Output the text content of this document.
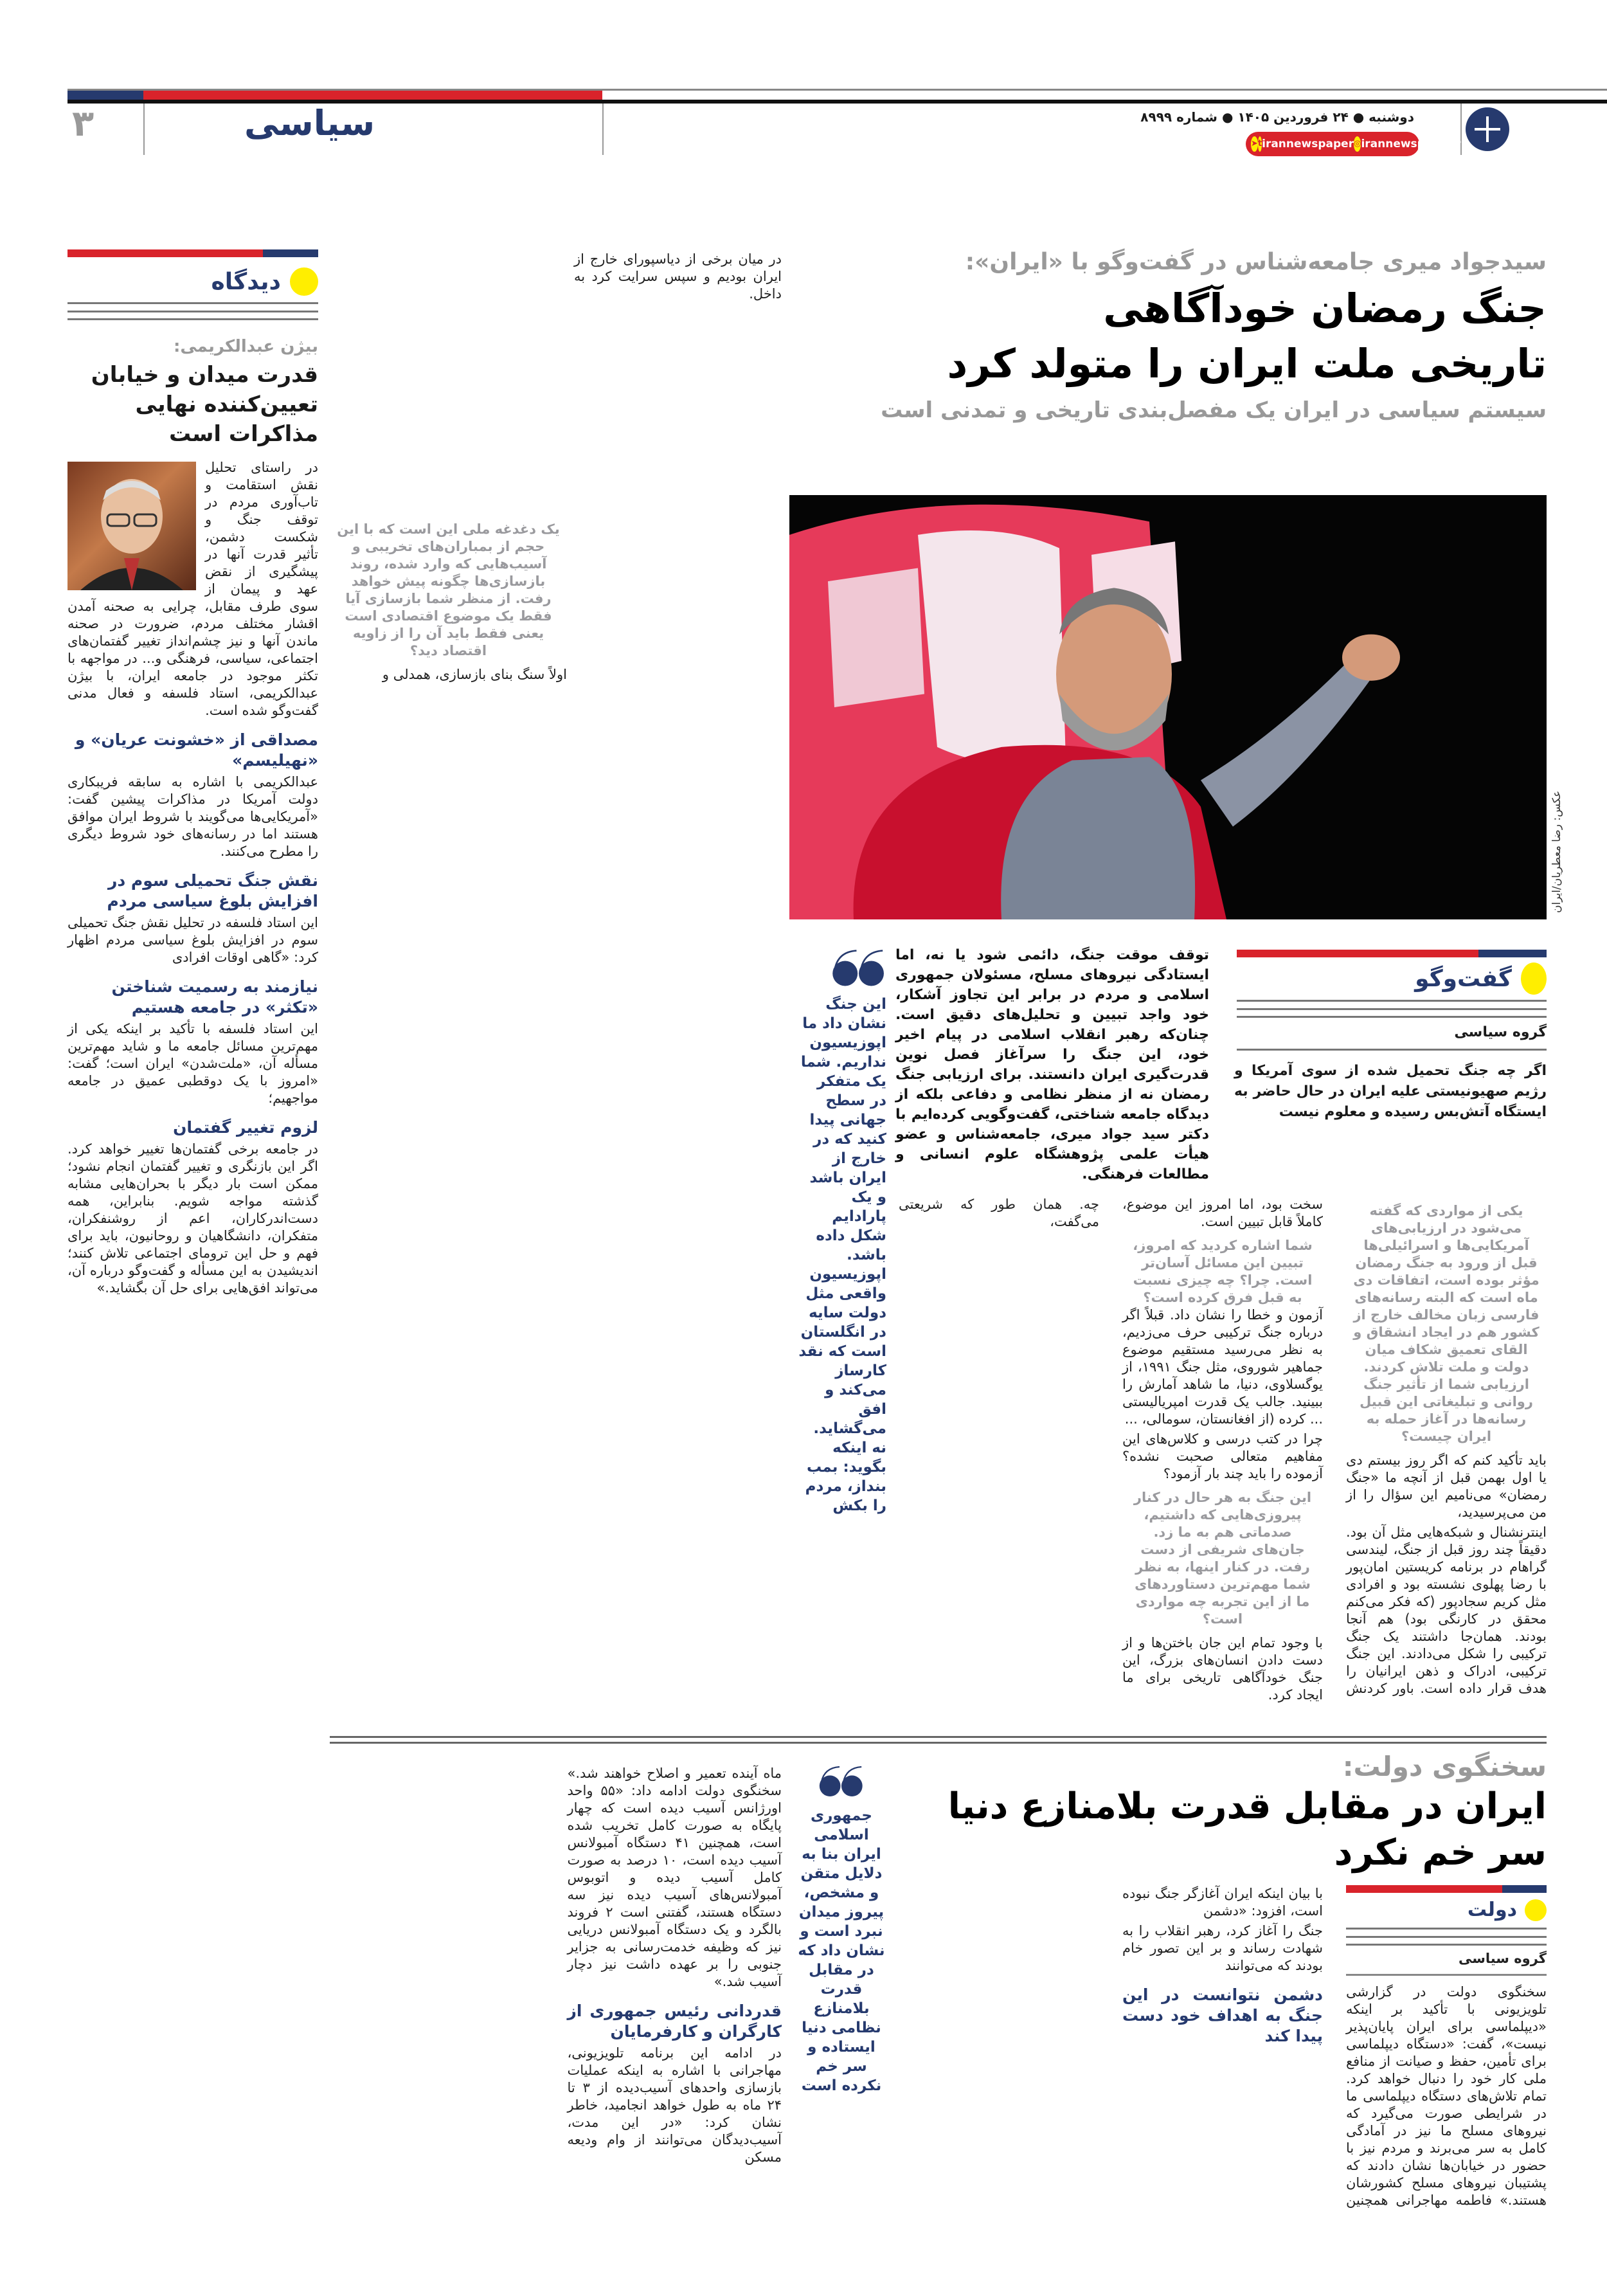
۳	سیاسی	دوشنبه ● ۲۴ فروردین ۱۴۰۵ ● شماره ۸۹۹۹
➤ t irannewspaper ◎ irannewspapper
دیدگاه
بیژن عبدالکریمی:
قدرت میدان و خیابان تعیین‌کننده نهایی مذاکرات است

در راستای تحلیل نقش استقامت و تاب‌آوری مردم در توقف جنگ و شکست دشمن، تأثیر قدرت آنها در پیشگیری از نقض عهد و پیمان از سوی طرف مقابل، چرایی به صحنه آمدن اقشار مختلف مردم، ضرورت در صحنه ماندن آنها و نیز چشم‌انداز تغییر گفتمان‌های اجتماعی، سیاسی، فرهنگی و... در مواجهه با تکثر موجود در جامعه ایران، با بیژن عبدالکریمی، استاد فلسفه و فعال مدنی گفت‌وگو شده است.

مصداقی از «خشونت عریان» و «نهیلیسم»

عبدالکریمی با اشاره به سابقه فریبکاری دولت آمریکا در مذاکرات پیشین گفت: «آمریکایی‌ها می‌گویند با شروط ایران موافق هستند اما در رسانه‌های خود شروط دیگری را مطرح می‌کنند.

نقش جنگ تحمیلی سوم در افزایش بلوغ سیاسی مردم

این استاد فلسفه در تحلیل نقش جنگ تحمیلی سوم در افزایش بلوغ سیاسی مردم اظهار کرد: «گاهی اوقات افرادی

نیازمند به رسمیت شناختن «تکثر» در جامعه هستیم

این استاد فلسفه با تأکید بر اینکه یکی از مهم‌ترین مسائل جامعه ما و شاید مهم‌ترین مسأله آن، «ملت‌شدن» ایران است؛ گفت: «امروز با یک دوقطبی عمیق در جامعه مواجهیم؛

لزوم تغییر گفتمان

در جامعه برخی گفتمان‌ها تغییر خواهد کرد. اگر این بازنگری و تغییر گفتمان انجام نشود؛ ممکن است بار دیگر با بحران‌هایی مشابه گذشته مواجه شویم. بنابراین، همه دست‌اندرکاران، اعم از روشنفکران، متفکران، دانشگاهیان و روحانیون، باید برای فهم و حل این ترومای اجتماعی تلاش کنند؛ اندیشیدن به این مسأله و گفت‌وگو درباره آن، می‌تواند افق‌هایی برای حل آن بگشاید.»

سیدجواد میری جامعه‌شناس در گفت‌وگو با «ایران»:
جنگ رمضان خودآگاهی
تاریخی ملت ایران را متولد کرد
سیستم سیاسی در ایران یک مفصل‌بندی تاریخی و تمدنی است
عکس: رضا معطریان/ایران
این جنگ نشان داد ما اپوزیسیون نداریم. شما یک متفکر در سطح جهانی پیدا کنید که در خارج از ایران باشد و یک پارادایم شکل داده باشد. اپوزیسیون واقعی مثل دولت سایه در انگلستان است که نقد کارساز می‌کند و افق می‌گشاید. نه اینکه بگوید: بمب بنداز، مردم را بکش
توقف موقت جنگ، دائمی شود یا نه، اما ایستادگی نیروهای مسلح، مسئولان جمهوری اسلامی و مردم در برابر این تجاوز آشکار، خود واجد تبیین و تحلیل‌های دقیق است. چنان‌که رهبر انقلاب اسلامی در پیام اخیر خود، این جنگ را سرآغاز فصل نوین قدرت‌گیری ایران دانستند. برای ارزیابی جنگ رمضان نه از منظر نظامی و دفاعی بلکه از دیدگاه جامعه شناختی، گفت‌وگویی کرده‌ایم با دکتر سید جواد میری، جامعه‌شناس و عضو هیأت علمی پژوهشگاه علوم انسانی و مطالعات فرهنگی.
گفت‌وگو
گروه سیاسی
اگر چه جنگ تحمیل شده از سوی آمریکا و رژیم صهیونیستی علیه ایران در حال حاضر به ایستگاه آتش‌بس رسیده و معلوم نیست
یکی از مواردی که گفته می‌شود در ارزیابی‌های آمریکایی‌ها و اسرائیلی‌ها قبل از ورود به جنگ رمضان مؤثر بوده است، اتفاقات دی ماه است که البته رسانه‌های فارسی زبان مخالف خارج از کشور هم در ایجاد انشقاق و القای تعمیق شکاف میان دولت و ملت تلاش کردند. ارزیابی شما از تأثیر جنگ روانی و تبلیغاتی این قبیل رسانه‌ها در آغاز حمله به ایران چیست؟

باید تأکید کنم که اگر روز بیستم دی یا اول بهمن قبل از آنچه ما «جنگ رمضان» می‌نامیم این سؤال را از من می‌پرسیدید،

اینترنشنال و شبکه‌هایی مثل آن بود. دقیقاً چند روز قبل از جنگ، لیندسی گراهام در برنامه کریستین امان‌پور با رضا پهلوی نشسته بود و افرادی مثل کریم سجادپور (که فکر می‌کنم محقق در کارنگی بود) هم آنجا بودند. همان‌جا داشتند یک جنگ ترکیبی را شکل می‌دادند. این جنگ ترکیبی، ادراک و ذهن ایرانیان را هدف قرار داده است. باور کردنش سخت بود، اما امروز این موضوع، کاملاً قابل تبیین است.

شما اشاره کردید که امروز، تبیین این مسائل آسان‌تر است. چرا؟ چه چیزی نسبت به قبل فرق کرده است؟

آزمون و خطا را نشان داد. قبلاً اگر درباره جنگ ترکیبی حرف می‌زدیم، به نظر می‌رسید مستقیم موضوع جماهیر شوروی، مثل جنگ ۱۹۹۱، از یوگسلاوی، دنیا، ما شاهد آمارش را ببینید. جالب یک قدرت امپریالیستی ... کرده (از افغانستان، سومالی، ...

چرا در کتب درسی و کلاس‌های این مفاهیم متعالی صحبت نشده؟ آزموده را باید چند بار آزمود؟

این جنگ به هر حال در کنار پیروزی‌هایی که داشتیم، صدماتی هم به ما زد. جان‌های شریفی از دست رفت. در کنار اینها، به نظر شما مهم‌ترین دستاوردهای ما از این تجربه چه مواردی است؟

با وجود تمام این جان باختن‌ها و از دست دادن انسان‌های بزرگ، این جنگ خودآگاهی تاریخی برای ما ایجاد کرد.

چه. همان طور که شریعتی می‌گفت،

در میان برخی از دیاسپورای خارج از ایران بودیم و سپس سرایت کرد به داخل.

یک دغدغه ملی این است که با این حجم از بمباران‌های تخریبی و آسیب‌هایی که وارد شده، روند بازسازی‌ها چگونه پیش خواهد رفت. از منظر شما بازسازی آیا فقط یک موضوع اقتصادی است یعنی فقط باید آن را از زاویه اقتصاد دید؟

اولاً سنگ بنای بازسازی، همدلی و

سخنگوی دولت:
ایران در مقابل قدرت بلامنازع دنیا سر خم نکرد
دولت
گروه سیاسی

سخنگوی دولت در گزارشی تلویزیونی با تأکید بر اینکه «دیپلماسی برای ایران پایان‌پذیر نیست»، گفت: «دستگاه دیپلماسی برای تأمین، حفظ و صیانت از منافع ملی کار خود را دنبال خواهد کرد. تمام تلاش‌های دستگاه دیپلماسی ما در شرایطی صورت می‌گیرد که نیروهای مسلح ما نیز در آمادگی کامل به سر می‌برند و مردم نیز با حضور در خیابان‌ها نشان دادند که پشتیبان نیروهای مسلح کشورشان هستند.» فاطمه مهاجرانی همچنین با بیان اینکه ایران آغازگر جنگ نبوده است، افزود: «دشمن

جنگ را آغاز کرد، رهبر انقلاب را به شهادت رساند و بر این تصور خام بودند که می‌توانند

دشمن نتوانست در این جنگ به اهداف خود دست پیدا کند
جمهوری اسلامی ایران بنا به دلایل متقن و مشخص، پیروز میدان نبرد است و نشان داد که در مقابل قدرت بلامنازع نظامی دنیا ایستاده و سر خم نکرده است

ماه آینده تعمیر و اصلاح خواهند شد.» سخنگوی دولت ادامه داد: «۵۵ واحد اورژانس آسیب دیده است که چهار پایگاه به صورت کامل تخریب شده است، همچنین ۴۱ دستگاه آمبولانس آسیب دیده است، ۱۰ درصد به صورت کامل آسیب دیده و اتوبوس آمبولانس‌های آسیب دیده نیز سه دستگاه هستند، گفتنی است ۲ فروند بالگرد و یک دستگاه آمبولانس دریایی نیز که وظیفه خدمت‌رسانی به جزایر جنوبی را بر عهده داشت نیز دچار آسیب شد.»

قدردانی رئیس جمهوری از کارگران و کارفرمایان

در ادامه این برنامه تلویزیونی، مهاجرانی با اشاره به اینکه عملیات بازسازی واحدهای آسیب‌دیده از ۳ تا ۲۴ ماه به طول خواهد انجامید، خاطر نشان کرد: «در این مدت، آسیب‌دیدگان می‌توانند از وام ودیعه مسکن
